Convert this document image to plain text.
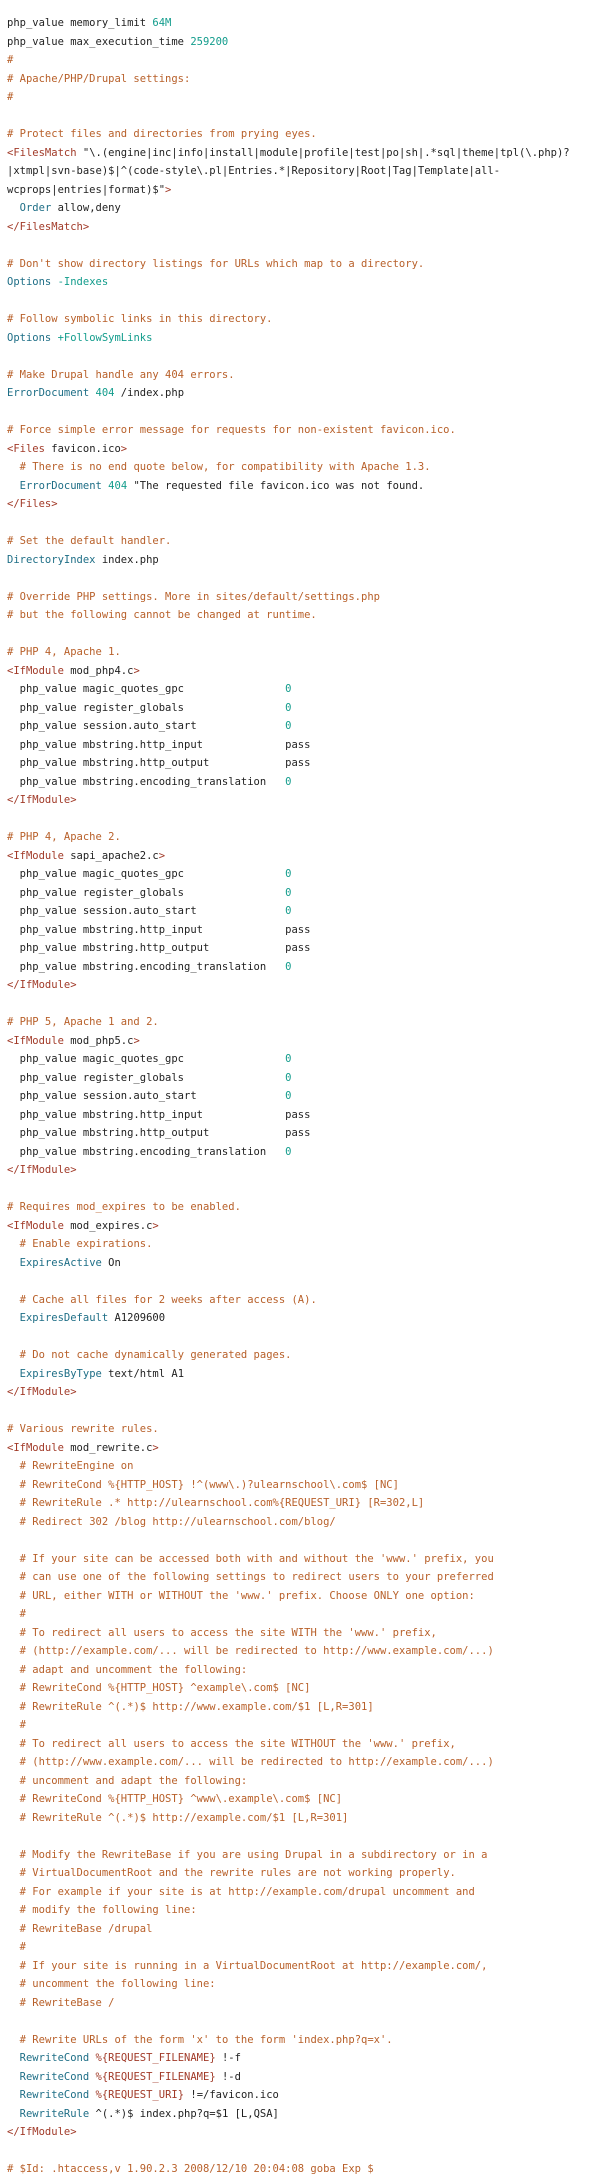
php_value memory_limit 64M
php_value max_execution_time 259200
#
# Apache/PHP/Drupal settings:
#
# Protect files and directories from prying eyes.
<FilesMatch "\.(engine|inc|info|install|module|profile|test|po|sh|.*sql|theme|tpl(\.php)?
|xtmpl|svn-base)$|^(code-style\.pl|Entries.*|Repository|Root|Tag|Template|all-
wcprops|entries|format)$">
Order allow,deny
</FilesMatch>
# Don't show directory listings for URLs which map to a directory.
Options -Indexes
# Follow symbolic links in this directory.
Options +FollowSymLinks
# Make Drupal handle any 404 errors.
ErrorDocument 404 /index.php
# Force simple error message for requests for non-existent favicon.ico.
<Files favicon.ico>
# There is no end quote below, for compatibility with Apache 1.3.
ErrorDocument 404 "The requested file favicon.ico was not found.
</Files>
# Set the default handler.
DirectoryIndex index.php
# Override PHP settings. More in sites/default/settings.php
# but the following cannot be changed at runtime.
# PHP 4, Apache 1.
<IfModule mod_php4.c>
php_value magic_quotes_gpc                0
php_value register_globals                0
php_value session.auto_start              0
php_value mbstring.http_input             pass
php_value mbstring.http_output            pass
php_value mbstring.encoding_translation   0
</IfModule>
# PHP 4, Apache 2.
<IfModule sapi_apache2.c>
php_value magic_quotes_gpc                0
php_value register_globals                0
php_value session.auto_start              0
php_value mbstring.http_input             pass
php_value mbstring.http_output            pass
php_value mbstring.encoding_translation   0
</IfModule>
# PHP 5, Apache 1 and 2.
<IfModule mod_php5.c>
php_value magic_quotes_gpc                0
php_value register_globals                0
php_value session.auto_start              0
php_value mbstring.http_input             pass
php_value mbstring.http_output            pass
php_value mbstring.encoding_translation   0
</IfModule>
# Requires mod_expires to be enabled.
<IfModule mod_expires.c>
# Enable expirations.
ExpiresActive On
# Cache all files for 2 weeks after access (A).
ExpiresDefault A1209600
# Do not cache dynamically generated pages.
ExpiresByType text/html A1
</IfModule>
# Various rewrite rules.
<IfModule mod_rewrite.c>
# RewriteEngine on
# RewriteCond %{HTTP_HOST} !^(www\.)?ulearnschool\.com$ [NC]
# RewriteRule .* http://ulearnschool.com%{REQUEST_URI} [R=302,L]
# Redirect 302 /blog http://ulearnschool.com/blog/
# If your site can be accessed both with and without the 'www.' prefix, you
# can use one of the following settings to redirect users to your preferred
# URL, either WITH or WITHOUT the 'www.' prefix. Choose ONLY one option:
#
# To redirect all users to access the site WITH the 'www.' prefix,
# (http://example.com/... will be redirected to http://www.example.com/...)
# adapt and uncomment the following:
# RewriteCond %{HTTP_HOST} ^example\.com$ [NC]
# RewriteRule ^(.*)$ http://www.example.com/$1 [L,R=301]
#
# To redirect all users to access the site WITHOUT the 'www.' prefix,
# (http://www.example.com/... will be redirected to http://example.com/...)
# uncomment and adapt the following:
# RewriteCond %{HTTP_HOST} ^www\.example\.com$ [NC]
# RewriteRule ^(.*)$ http://example.com/$1 [L,R=301]
# Modify the RewriteBase if you are using Drupal in a subdirectory or in a
# VirtualDocumentRoot and the rewrite rules are not working properly.
# For example if your site is at http://example.com/drupal uncomment and
# modify the following line:
# RewriteBase /drupal
#
# If your site is running in a VirtualDocumentRoot at http://example.com/,
# uncomment the following line:
# RewriteBase /
# Rewrite URLs of the form 'x' to the form 'index.php?q=x'.
RewriteCond %{REQUEST_FILENAME} !-f
RewriteCond %{REQUEST_FILENAME} !-d
RewriteCond %{REQUEST_URI} !=/favicon.ico
RewriteRule ^(.*)$ index.php?q=$1 [L,QSA]
</IfModule>
# $Id: .htaccess,v 1.90.2.3 2008/12/10 20:04:08 goba Exp $
